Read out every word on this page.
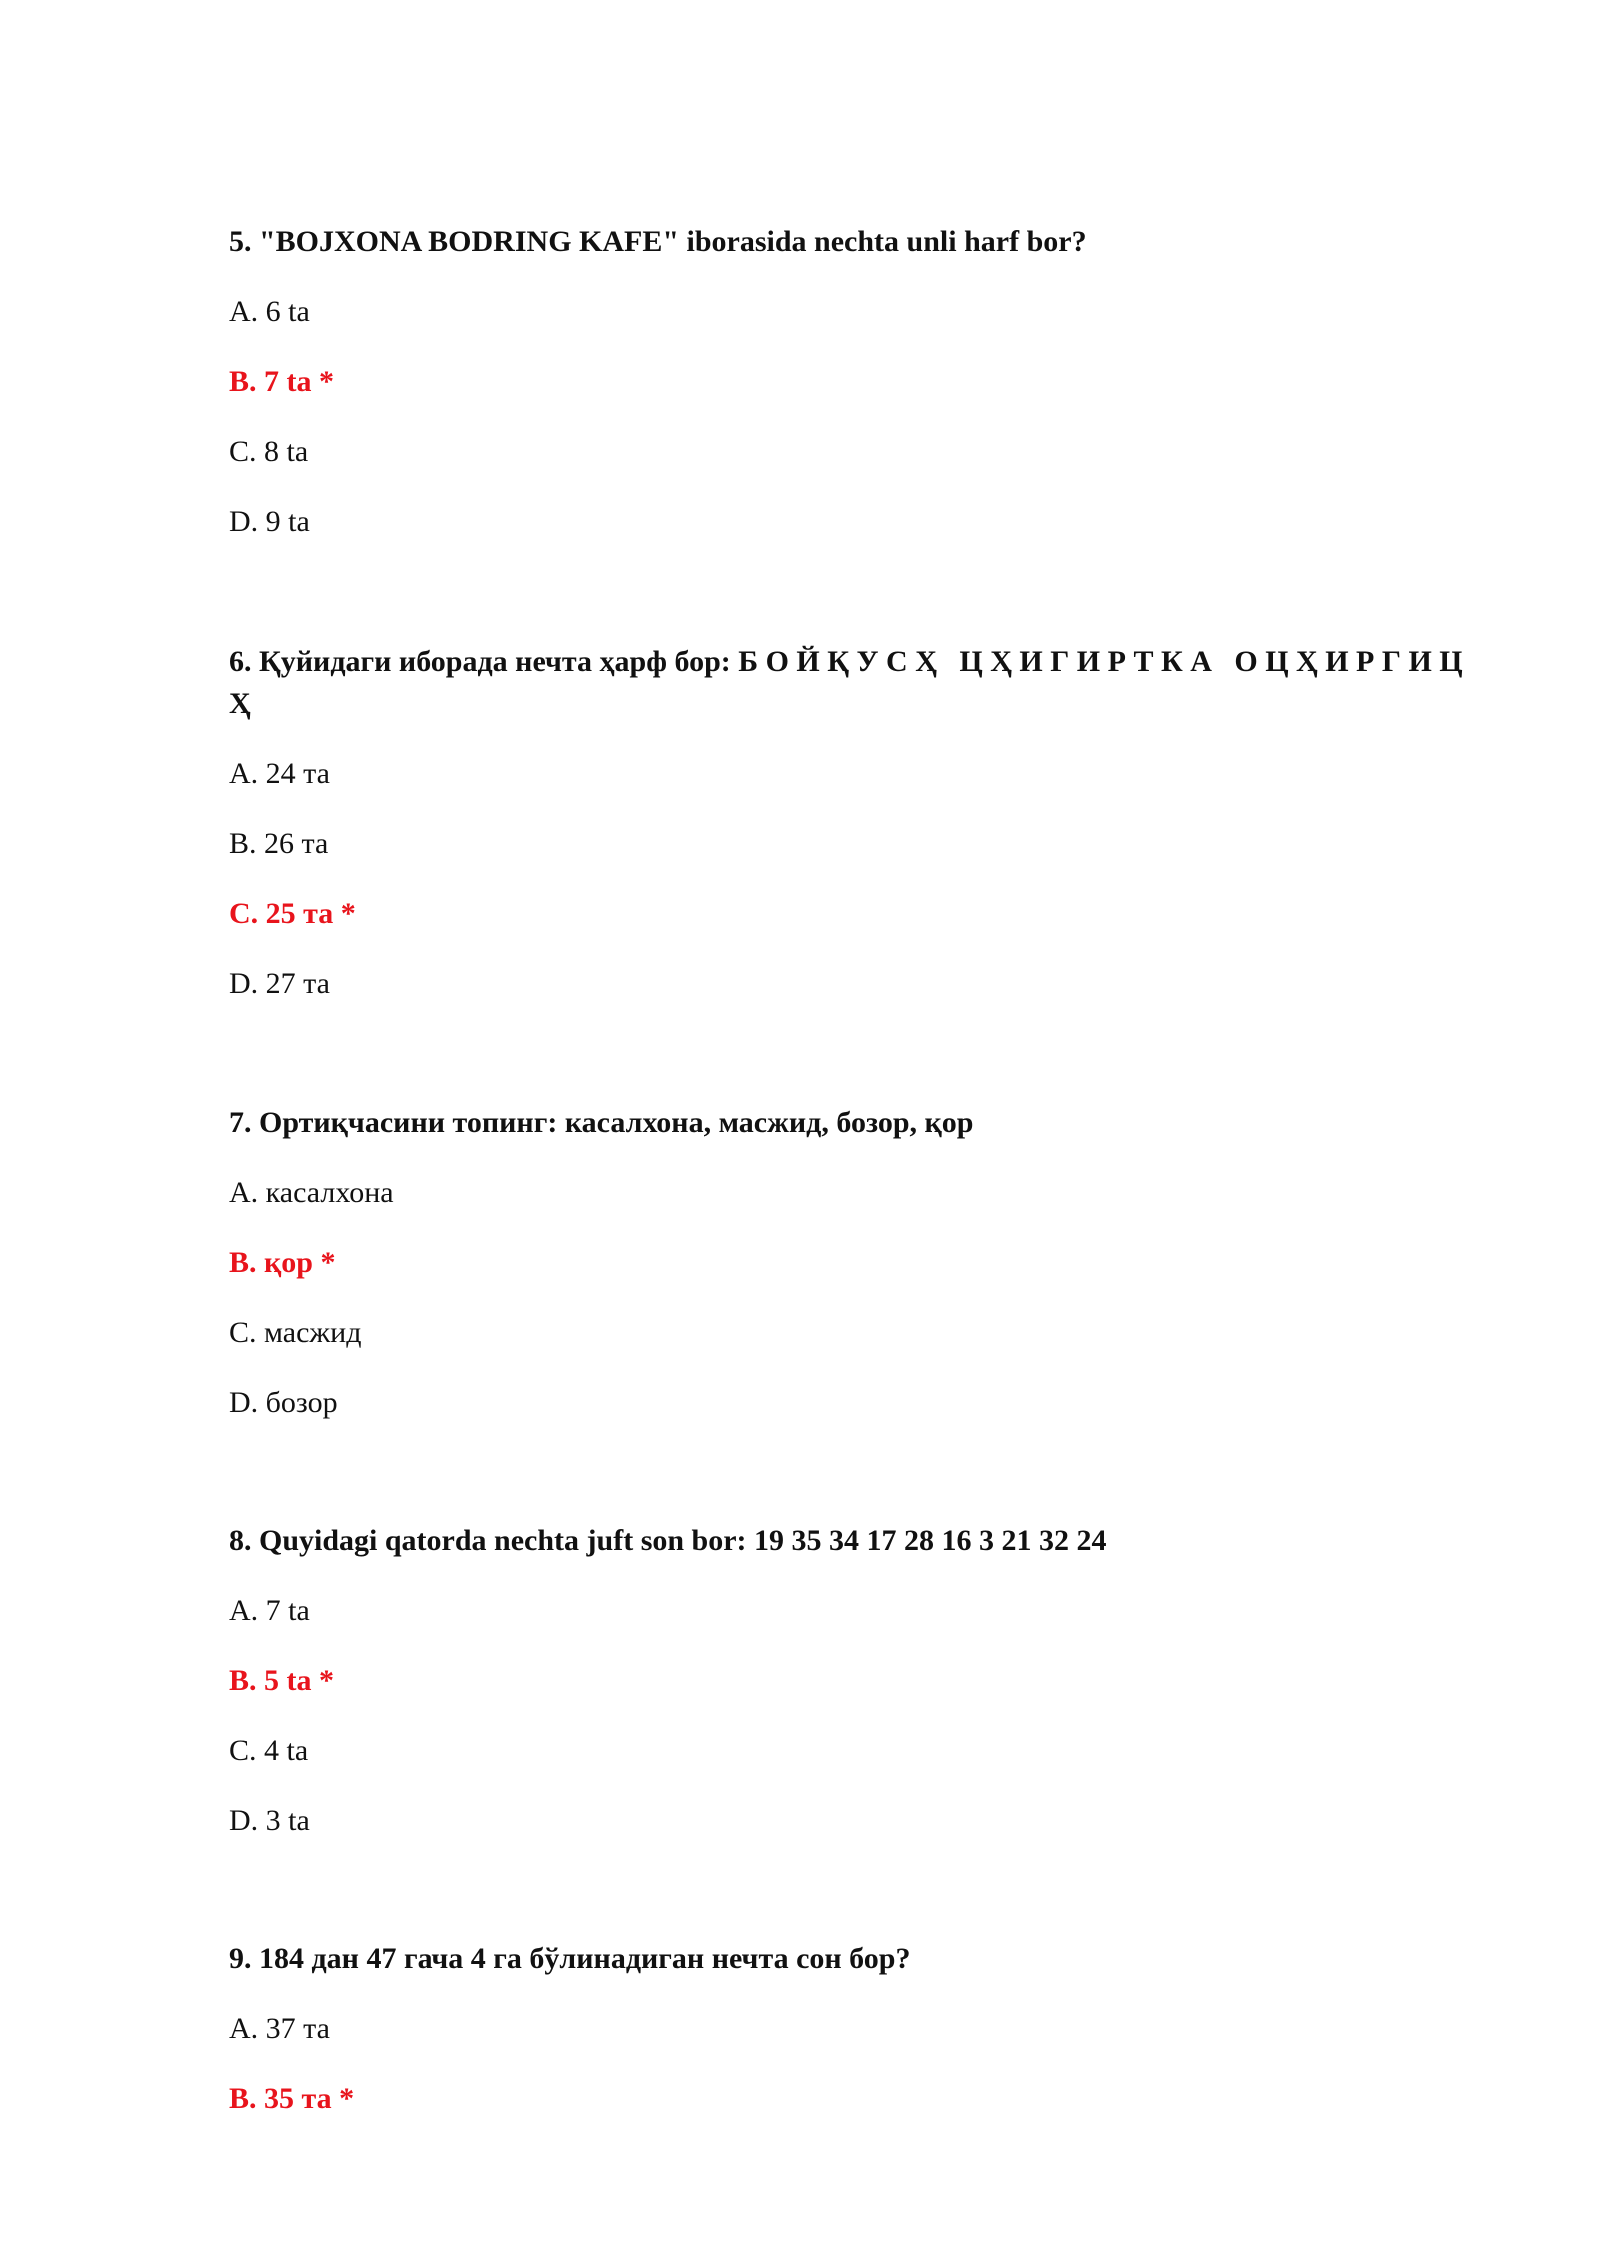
5. "BOJXONA BODRING KAFE" iborasida nechta unli harf bor?

A. 6 ta
B. 7 ta *
C. 8 ta
D. 9 ta

6. Қуйидаги иборада нечта ҳарф бор: Б О Й Қ У С Ҳ   Ц Ҳ И Г И Р Т К А   О Ц Ҳ И Р Г И Ц Ҳ

A. 24 та
B. 26 та
C. 25 та *
D. 27 та

7. Ортиқчасини топинг: касалхона, масжид, бозор, қор

A. касалхона
B. қор *
C. масжид
D. бозор

8. Quyidagi qatorda nechta juft son bor: 19 35 34 17 28 16 3 21 32 24

A. 7 ta
B. 5 ta *
C. 4 ta
D. 3 ta

9. 184 дан 47 гача 4 га бўлинадиган нечта сон бор?

A. 37 та
B. 35 та *
